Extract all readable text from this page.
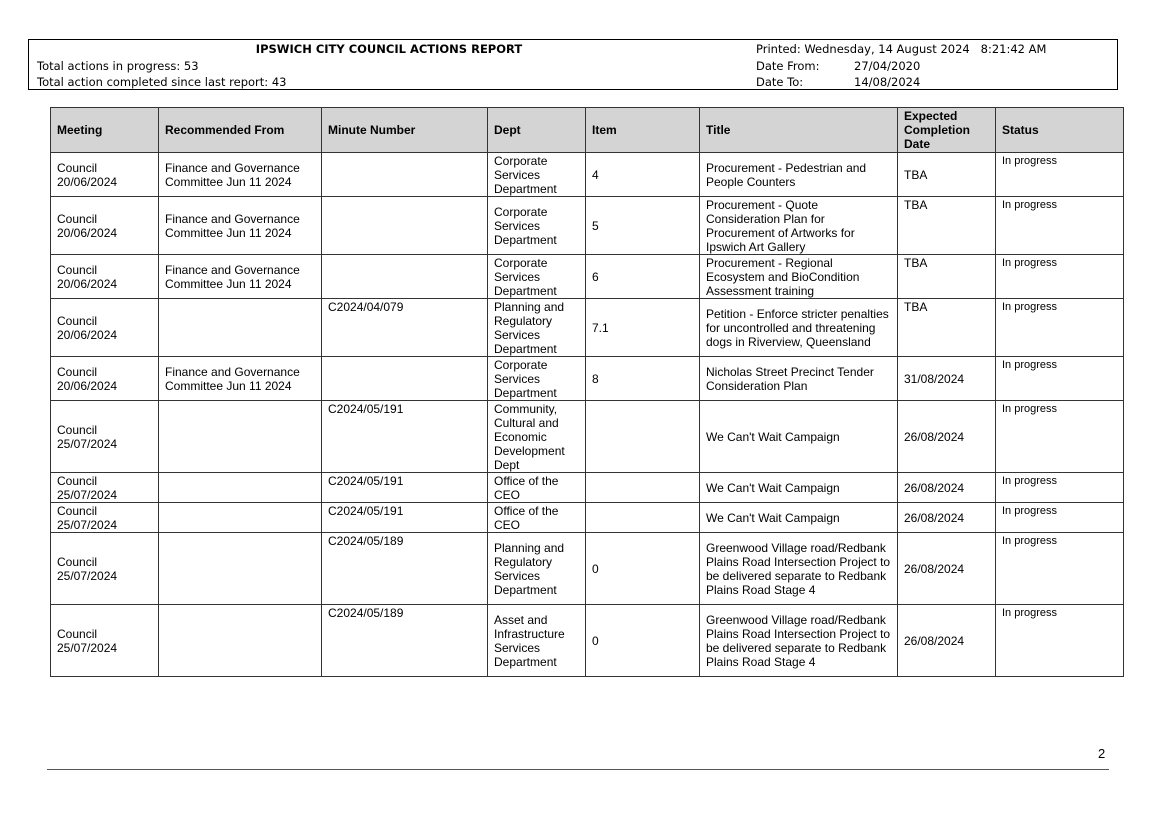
IPSWICH CITY COUNCIL ACTIONS REPORT
Total actions in progress: 53
Total action completed since last report: 43
Printed: Wednesday, 14 August 2024   8:21:42 AM
Date From:	27/04/2020
Date To:	14/08/2024
Meeting	Recommended From	Minute Number	Dept	Item	Title	Expected Completion Date	Status
Council 20/06/2024	Finance and Governance Committee Jun 11 2024		Corporate Services Department	4	Procurement - Pedestrian and People Counters	TBA	In progress
Council 20/06/2024	Finance and Governance Committee Jun 11 2024		Corporate Services Department	5	Procurement - Quote Consideration Plan for Procurement of Artworks for Ipswich Art Gallery	TBA	In progress
Council 20/06/2024	Finance and Governance Committee Jun 11 2024		Corporate Services Department	6	Procurement - Regional Ecosystem and BioCondition Assessment training	TBA	In progress
Council 20/06/2024		C2024/04/079	Planning and Regulatory Services Department	7.1	Petition - Enforce stricter penalties for uncontrolled and threatening dogs in Riverview, Queensland	TBA	In progress
Council 20/06/2024	Finance and Governance Committee Jun 11 2024		Corporate Services Department	8	Nicholas Street Precinct Tender Consideration Plan	31/08/2024	In progress
Council 25/07/2024		C2024/05/191	Community, Cultural and Economic Development Dept		We Can't Wait Campaign	26/08/2024	In progress
Council 25/07/2024		C2024/05/191	Office of the CEO		We Can't Wait Campaign	26/08/2024	In progress
Council 25/07/2024		C2024/05/191	Office of the CEO		We Can't Wait Campaign	26/08/2024	In progress
Council 25/07/2024		C2024/05/189	Planning and Regulatory Services Department	0	Greenwood Village road/Redbank Plains Road Intersection Project to be delivered separate to Redbank Plains Road Stage 4	26/08/2024	In progress
Council 25/07/2024		C2024/05/189	Asset and Infrastructure Services Department	0	Greenwood Village road/Redbank Plains Road Intersection Project to be delivered separate to Redbank Plains Road Stage 4	26/08/2024	In progress
2
